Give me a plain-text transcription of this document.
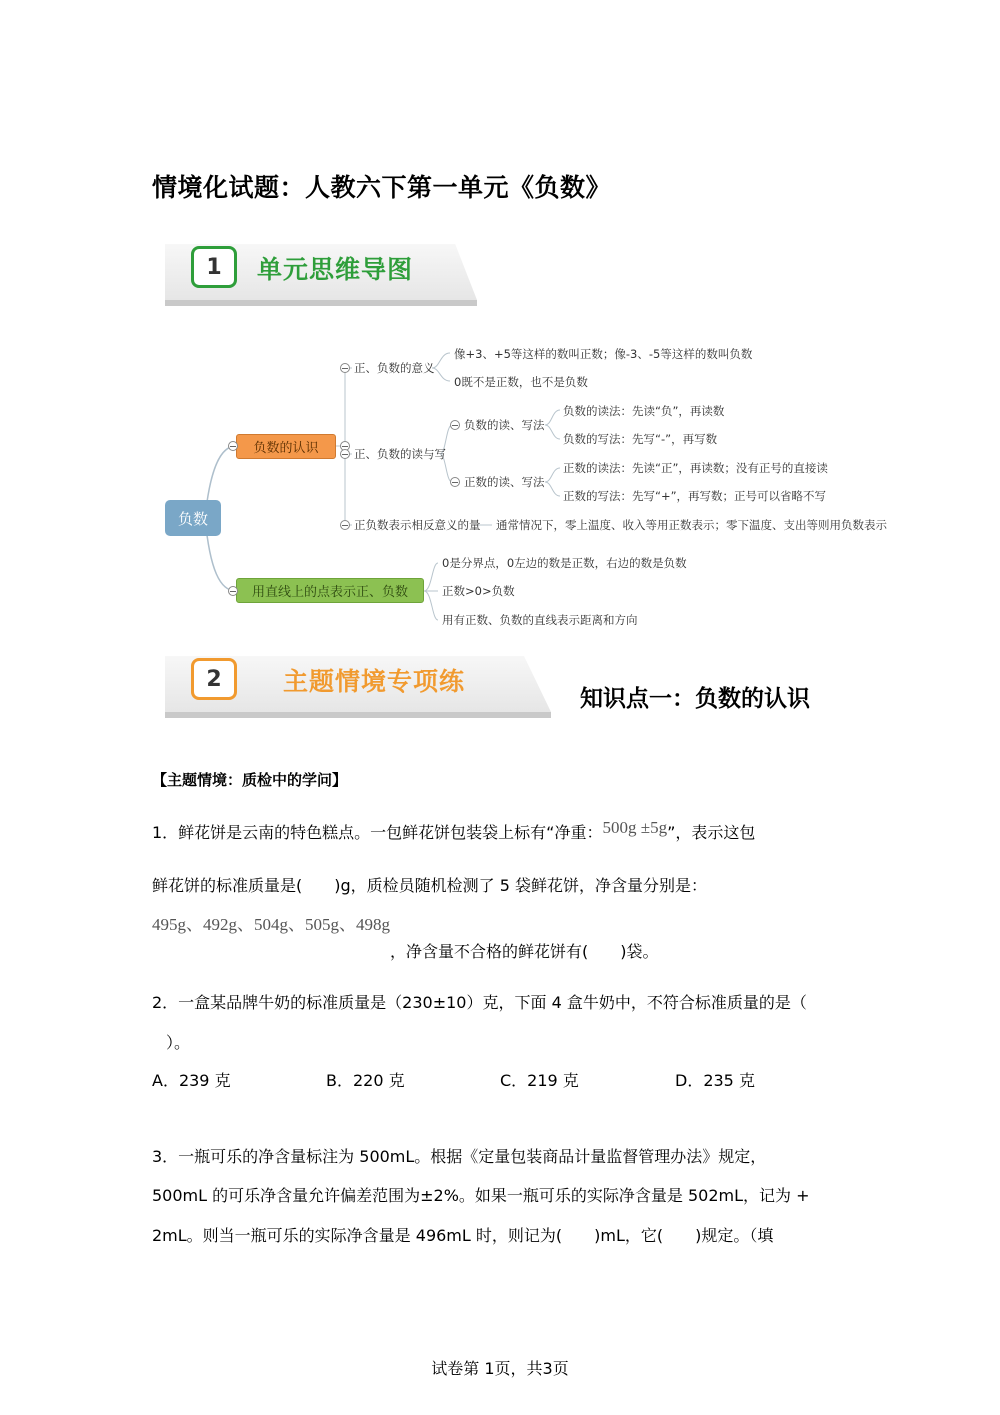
情境化试题：人教六下第一单元《负数》
1 单元思维导图
负数
负数的认识
用直线上的点表示正、负数
正、负数的意义
像+3、+5等这样的数叫正数；像-3、-5等这样的数叫负数
0既不是正数，也不是负数
正、负数的读与写
负数的读、写法
负数的读法：先读“负”，再读数
负数的写法：先写“-”，再写数
正数的读、写法
正数的读法：先读“正”，再读数；没有正号的直接读
正数的写法：先写“+”，再写数；正号可以省略不写
正负数表示相反意义的量 通常情况下，零上温度、收入等用正数表示；零下温度、支出等则用负数表示
0是分界点，0左边的数是正数，右边的数是负数
正数>0>负数
用有正数、负数的直线表示距离和方向
2 主题情境专项练
知识点一：负数的认识
【主题情境：质检中的学问】
1．鲜花饼是云南的特色糕点。一包鲜花饼包装袋上标有“净重：500g ±5g”，表示这包
鲜花饼的标准质量是(　　)g，质检员随机检测了 5 袋鲜花饼，净含量分别是：
495g、492g、504g、505g、498g，净含量不合格的鲜花饼有(　　)袋。
2．一盒某品牌牛奶的标准质量是（230±10）克，下面 4 盒牛奶中，不符合标准质量的是（
）。
A．239 克	B．220 克	C．219 克	D．235 克
3．一瓶可乐的净含量标注为 500mL。根据《定量包装商品计量监督管理办法》规定，
500mL 的可乐净含量允许偏差范围为±2%。如果一瓶可乐的实际净含量是 502mL，记为 +
2mL。则当一瓶可乐的实际净含量是 496mL 时，则记为(　　)mL，它(　　)规定。（填
试卷第 1页，共3页
